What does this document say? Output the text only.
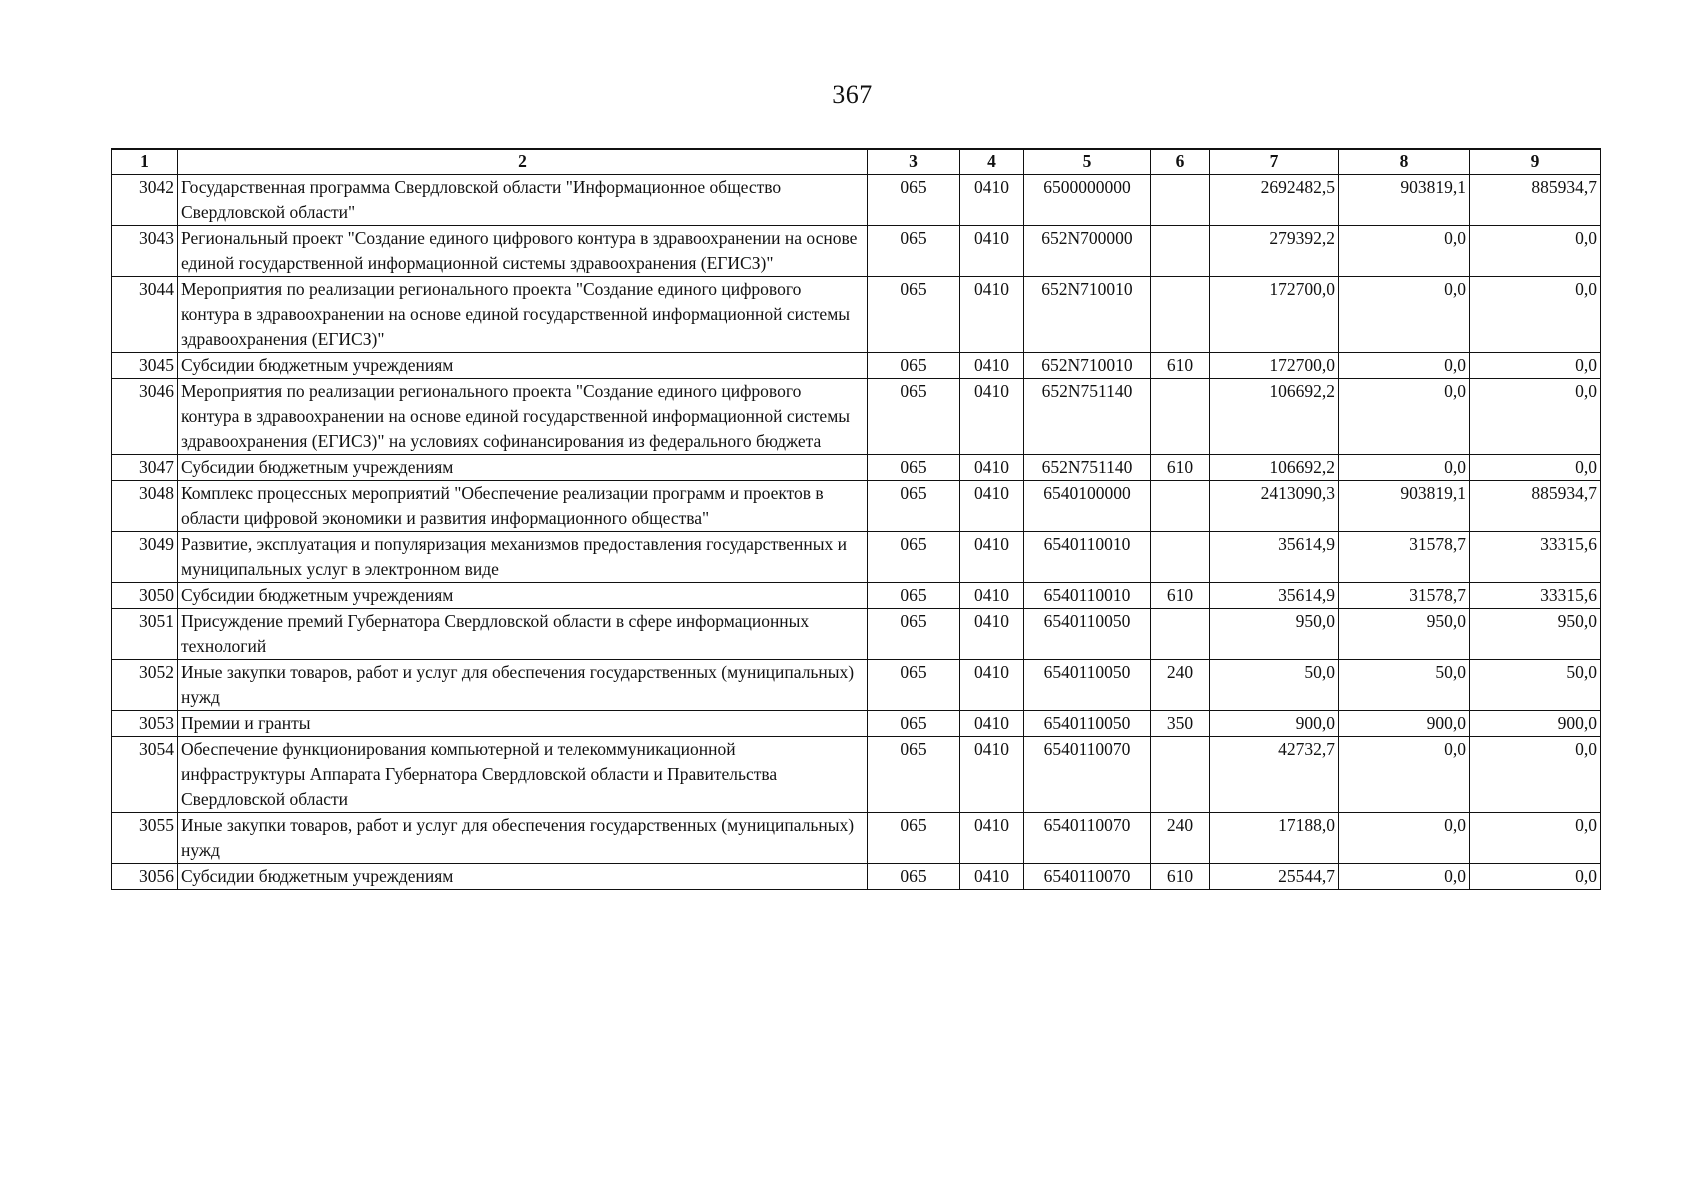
367
1	2	3	4	5	6	7	8	9
3042	Государственная программа Свердловской области "Информационное общество Свердловской области"	065	0410	6500000000		2692482,5	903819,1	885934,7
3043	Региональный проект "Создание единого цифрового контура в здравоохранении на основе единой государственной информационной системы здравоохранения (ЕГИСЗ)"	065	0410	652N700000		279392,2	0,0	0,0
3044	Мероприятия по реализации регионального проекта "Создание единого цифрового контура в здравоохранении на основе единой государственной информационной системы здравоохранения (ЕГИСЗ)"	065	0410	652N710010		172700,0	0,0	0,0
3045	Субсидии бюджетным учреждениям	065	0410	652N710010	610	172700,0	0,0	0,0
3046	Мероприятия по реализации регионального проекта "Создание единого цифрового контура в здравоохранении на основе единой государственной информационной системы здравоохранения (ЕГИСЗ)" на условиях софинансирования из федерального бюджета	065	0410	652N751140		106692,2	0,0	0,0
3047	Субсидии бюджетным учреждениям	065	0410	652N751140	610	106692,2	0,0	0,0
3048	Комплекс процессных мероприятий "Обеспечение реализации программ и проектов в области цифровой экономики и развития информационного общества"	065	0410	6540100000		2413090,3	903819,1	885934,7
3049	Развитие, эксплуатация и популяризация механизмов предоставления государственных и муниципальных услуг в электронном виде	065	0410	6540110010		35614,9	31578,7	33315,6
3050	Субсидии бюджетным учреждениям	065	0410	6540110010	610	35614,9	31578,7	33315,6
3051	Присуждение премий Губернатора Свердловской области в сфере информационных технологий	065	0410	6540110050		950,0	950,0	950,0
3052	Иные закупки товаров, работ и услуг для обеспечения государственных (муниципальных) нужд	065	0410	6540110050	240	50,0	50,0	50,0
3053	Премии и гранты	065	0410	6540110050	350	900,0	900,0	900,0
3054	Обеспечение функционирования компьютерной и телекоммуникационной инфраструктуры Аппарата Губернатора Свердловской области и Правительства Свердловской области	065	0410	6540110070		42732,7	0,0	0,0
3055	Иные закупки товаров, работ и услуг для обеспечения государственных (муниципальных) нужд	065	0410	6540110070	240	17188,0	0,0	0,0
3056	Субсидии бюджетным учреждениям	065	0410	6540110070	610	25544,7	0,0	0,0
